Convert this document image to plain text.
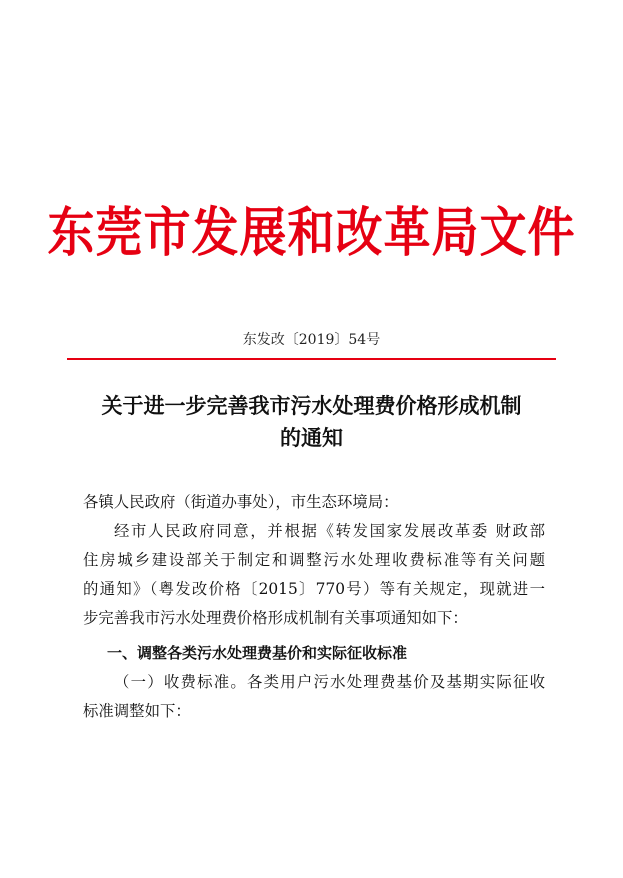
东莞市发展和改革局文件
东发改〔2019〕54号
关于进一步完善我市污水处理费价格形成机制
的通知
各镇人民政府（街道办事处），市生态环境局：
经市人民政府同意，并根据《转发国家发展改革委 财政部
住房城乡建设部关于制定和调整污水处理收费标准等有关问题
的通知》（粤发改价格〔2015〕770号）等有关规定，现就进一
步完善我市污水处理费价格形成机制有关事项通知如下：
一、调整各类污水处理费基价和实际征收标准
（一）收费标准。各类用户污水处理费基价及基期实际征收
标准调整如下：
